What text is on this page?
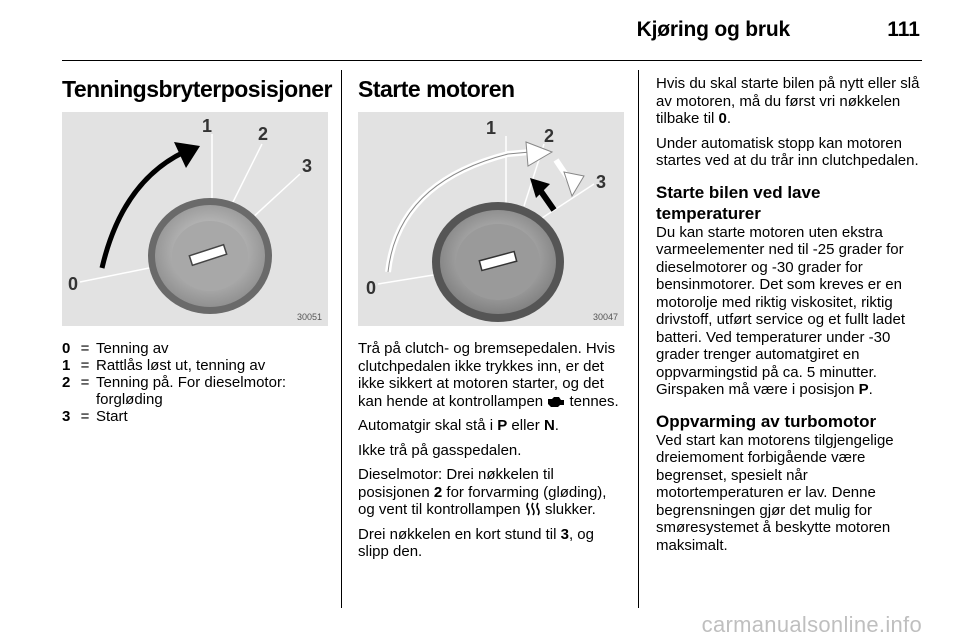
Kjøring og bruk	111
Tenningsbryterposisjoner
0
1	2
3
30051
0 = Tenning av
1 = Rattlås løst ut, tenning av
2 = Tenning på. For dieselmotor: forgløding
3 = Start
Starte motoren
0
1	2
3
30047

Trå på clutch- og bremsepedalen. Hvis clutchpedalen ikke trykkes inn, er det ikke sikkert at motoren starter, og det kan hende at kontrollampen tennes.

Automatgir skal stå i P eller N.

Ikke trå på gasspedalen.

Dieselmotor: Drei nøkkelen til posisjonen 2 for forvarming (gløding), og vent til kontrollampen slukker.

Drei nøkkelen en kort stund til 3, og slipp den.

Hvis du skal starte bilen på nytt eller slå av motoren, må du først vri nøkkelen tilbake til 0.

Under automatisk stopp kan motoren startes ved at du trår inn clutchpedalen.

Starte bilen ved lave temperaturer

Du kan starte motoren uten ekstra varmeelementer ned til -25 grader for dieselmotorer og -30 grader for bensinmotorer. Det som kreves er en motorolje med riktig viskositet, riktig drivstoff, utført service og et fullt ladet batteri. Ved temperaturer under -30 grader trenger automatgiret en oppvarmingstid på ca. 5 minutter. Girspaken må være i posisjon P.

Oppvarming av turbomotor

Ved start kan motorens tilgjengelige dreiemoment forbigående være begrenset, spesielt når motortemperaturen er lav. Denne begrensningen gjør det mulig for smøresystemet å beskytte motoren maksimalt.

carmanualsonline.info
